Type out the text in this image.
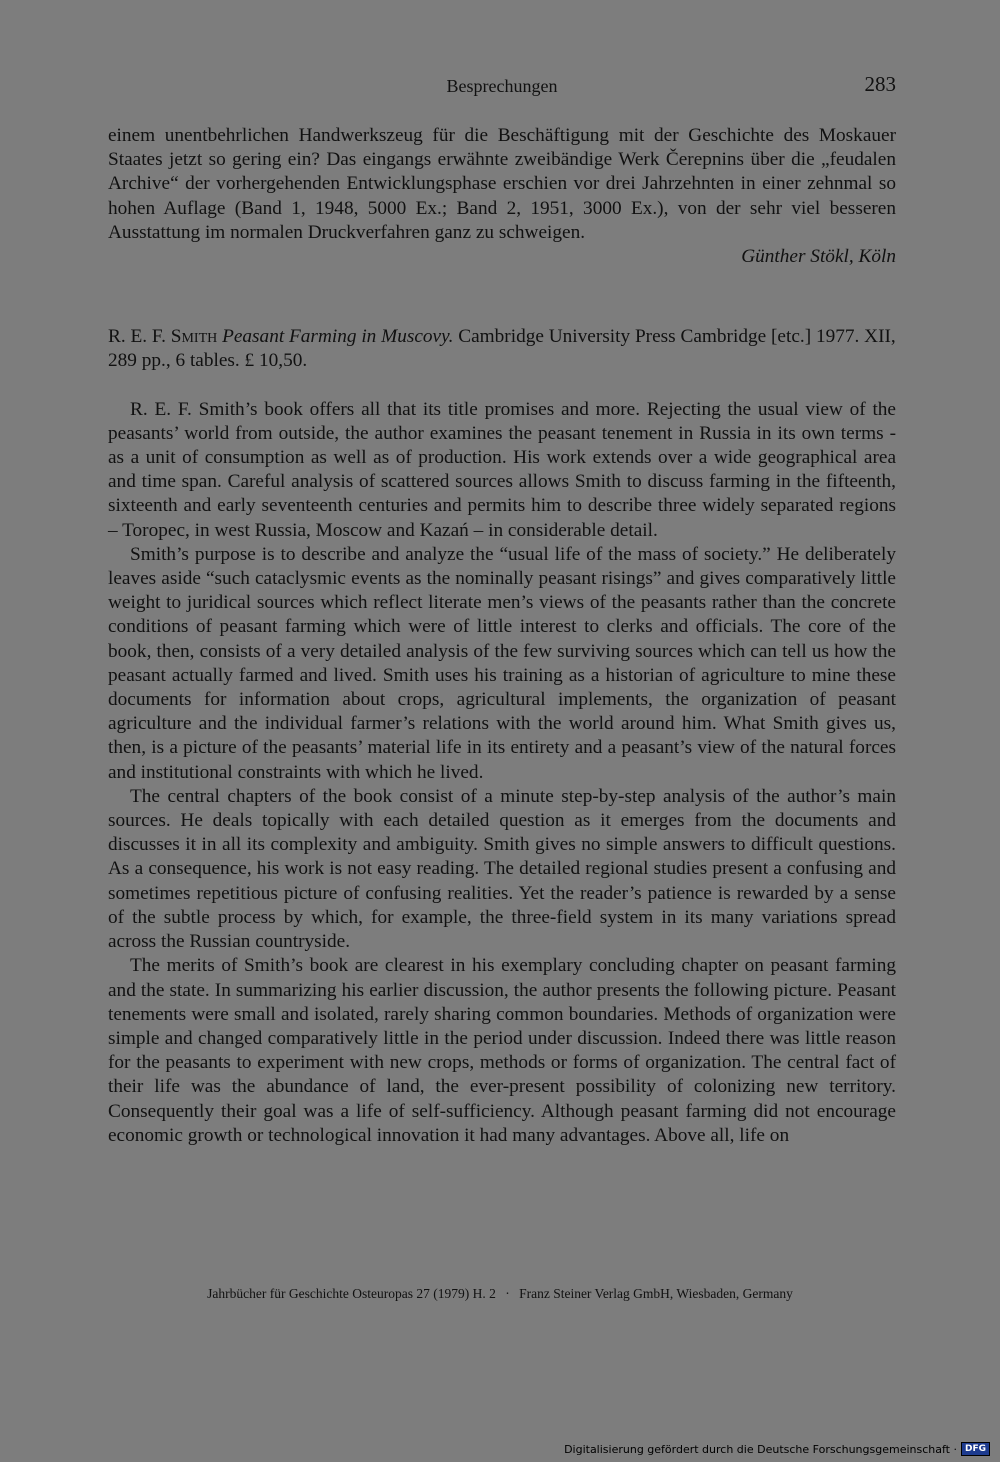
Besprechungen	283

einem unentbehrlichen Handwerkszeug für die Beschäftigung mit der Geschichte des Moskauer Staates jetzt so gering ein? Das eingangs erwähnte zweibändige Werk Čerepnins über die „feudalen Archive“ der vorhergehenden Entwicklungsphase erschien vor drei Jahrzehnten in einer zehnmal so hohen Auflage (Band 1, 1948, 5000 Ex.; Band 2, 1951, 3000 Ex.), von der sehr viel besseren Ausstattung im normalen Druckverfahren ganz zu schweigen.

Günther Stökl, Köln

R. E. F. Smith Peasant Farming in Muscovy. Cambridge University Press Cambridge [etc.] 1977. XII, 289 pp., 6 tables. £ 10,50.

R. E. F. Smith’s book offers all that its title promises and more. Rejecting the usual view of the peasants’ world from outside, the author examines the peasant tenement in Russia in its own terms - as a unit of consumption as well as of production. His work extends over a wide geographical area and time span. Careful analysis of scattered sources allows Smith to discuss farming in the fifteenth, sixteenth and early seventeenth centuries and permits him to describe three widely separated regions – Toropec, in west Russia, Moscow and Kazań – in considerable detail.

Smith’s purpose is to describe and analyze the “usual life of the mass of society.” He deliberately leaves aside “such cataclysmic events as the nominally peasant risings” and gives comparatively little weight to juridical sources which reflect literate men’s views of the peasants rather than the concrete conditions of peasant farming which were of little interest to clerks and officials. The core of the book, then, consists of a very detailed analysis of the few surviving sources which can tell us how the peasant actually farmed and lived. Smith uses his training as a historian of agriculture to mine these documents for information about crops, agricultural implements, the organization of peasant agriculture and the individual farmer’s relations with the world around him. What Smith gives us, then, is a picture of the peasants’ material life in its entirety and a peasant’s view of the natural forces and institutional constraints with which he lived.

The central chapters of the book consist of a minute step-by-step analysis of the author’s main sources. He deals topically with each detailed question as it emerges from the documents and discusses it in all its complexity and ambiguity. Smith gives no simple answers to difficult questions. As a consequence, his work is not easy reading. The detailed regional studies present a confusing and sometimes repetitious picture of confusing realities. Yet the reader’s patience is rewarded by a sense of the subtle process by which, for example, the three-field system in its many variations spread across the Russian countryside.

The merits of Smith’s book are clearest in his exemplary concluding chapter on peasant farming and the state. In summarizing his earlier discussion, the author presents the following picture. Peasant tenements were small and isolated, rarely sharing common boundaries. Methods of organization were simple and changed comparatively little in the period under discussion. Indeed there was little reason for the peasants to experiment with new crops, methods or forms of organization. The central fact of their life was the abundance of land, the ever-present possibility of colonizing new territory. Consequently their goal was a life of self-sufficiency. Although peasant farming did not encourage economic growth or technological innovation it had many advantages. Above all, life on

Jahrbücher für Geschichte Osteuropas 27 (1979) H. 2 · Franz Steiner Verlag GmbH, Wiesbaden, Germany
Digitalisierung gefördert durch die Deutsche Forschungsgemeinschaft · DFG
